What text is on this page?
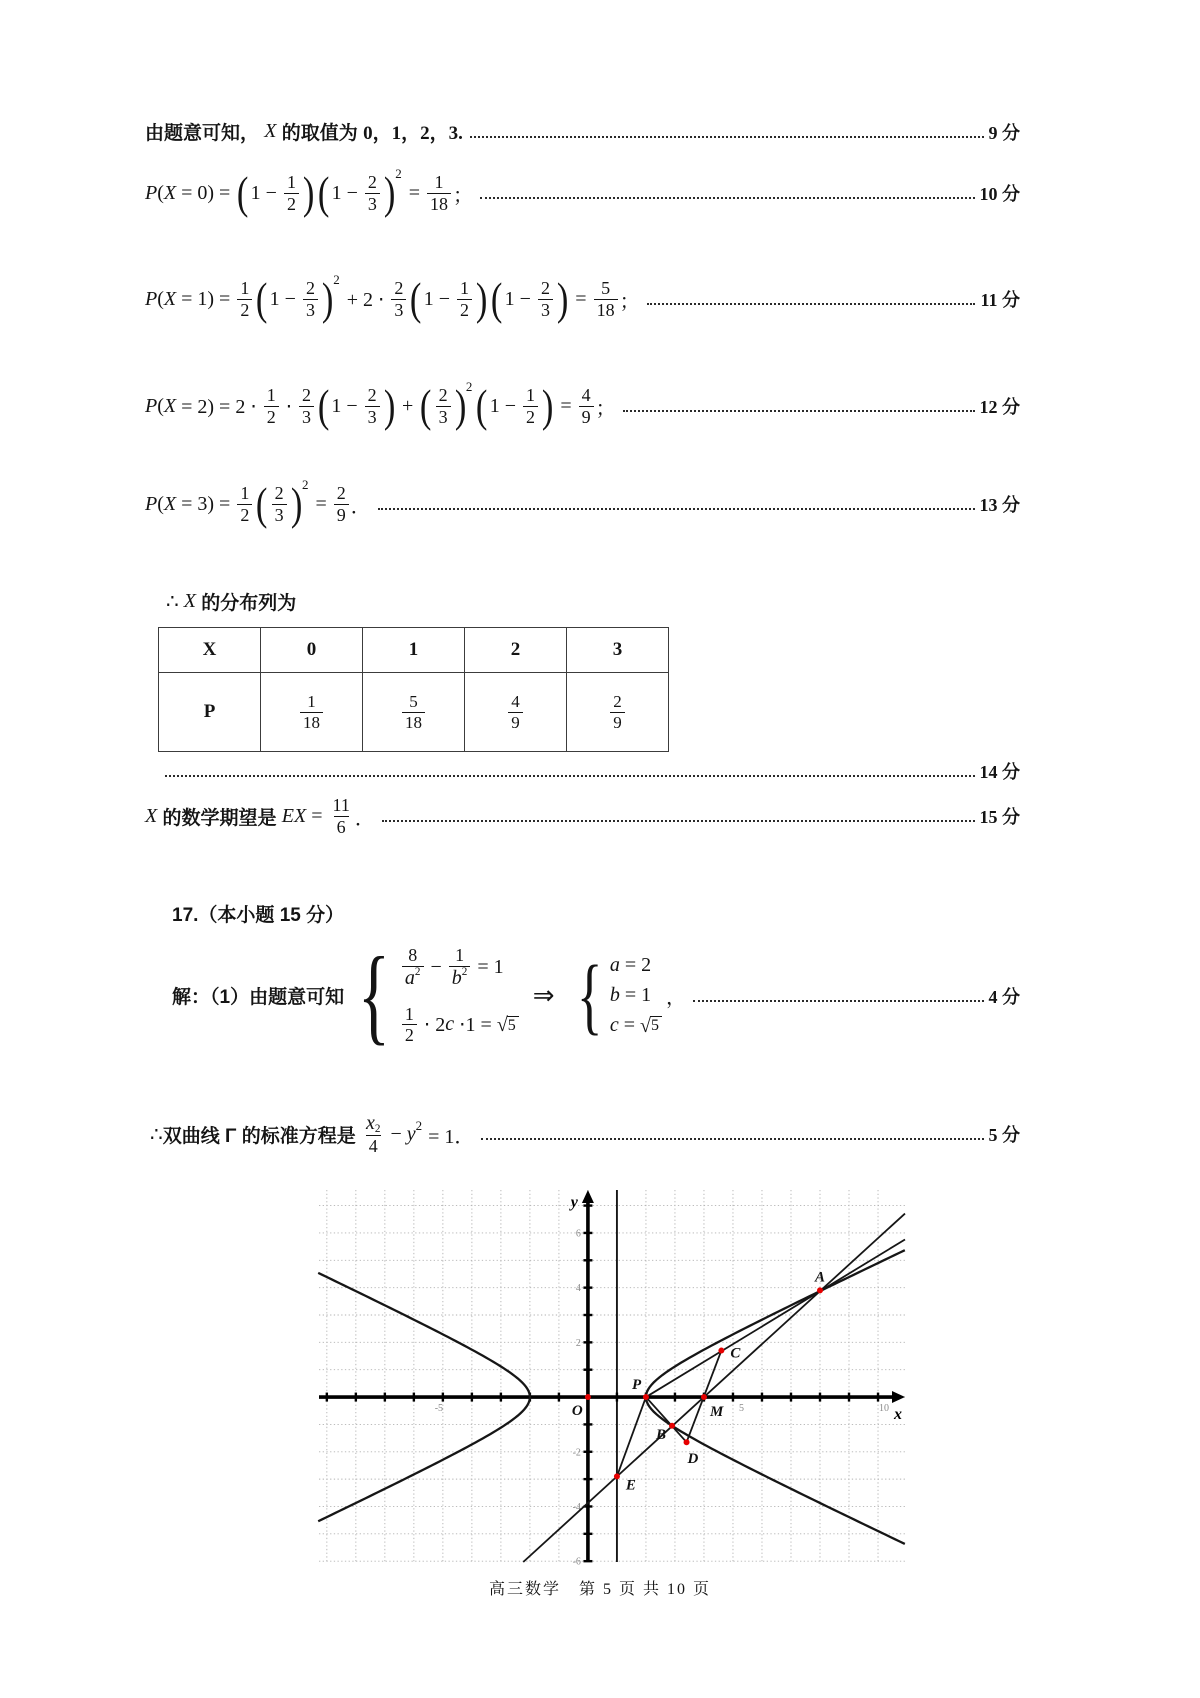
由题意可知， X 的取值为 0，1，2，3.	9 分
P ( X = 0) = ( $1 - \frac{1}{2}$ ) ( $1 - \frac{2}{3}$ ) 2
= $\frac{1}{18}$ ；	10 分
P ( $X = 1) = \frac{1}{2}$ ( $1 - \frac{2}{3}$ ) 2
+ $2 \cdot \frac{2}{3}$ ( $1 - \frac{1}{2}$ ) ( $1 - \frac{2}{3}$ ) = $\frac{5}{18}$ ；	11 分
P ( $X = 2) = 2 \cdot \frac{1}{2} \cdot \frac{2}{3}$ ( $1 - \frac{2}{3}$ ) + ( $\frac{2}{3}$ ) 2 ( $1 - \frac{1}{2}$ ) = $\frac{4}{9}$ ；	12 分
P ( $X = 3) = \frac{1}{2}$ ( $\frac{2}{3}$ ) 2
= $\frac{2}{9}$ ．	13 分
∴ X 的分布列为
14 分
X 的数学期望是 EX = $\frac{11}{6}$ ．	15 分
17.（本小题 15 分）
解：（1）由题意可知 { $\frac{8}{a 2} - \frac{1}{b 2} = 1$
$\frac{1}{2} \cdot 2$ c ⋅1 = √ 5
⇒ { a = 2
b = 1
c = √ 5
，	4 分
∴ 双曲线 Γ 的标准方程是 $\frac{x 2}{4} - y$ 2 = 1．	5 分
X	0	1	2	3
P	$\frac{1}{18}$	$\frac{5}{18}$	$\frac{4}{9}$	$\frac{2}{9}$
-5	5	10
6
4
2
-2
-4
-6
y
x
O
P
M
A
B
C
D
E
高三数学　第 5 页 共 10 页
